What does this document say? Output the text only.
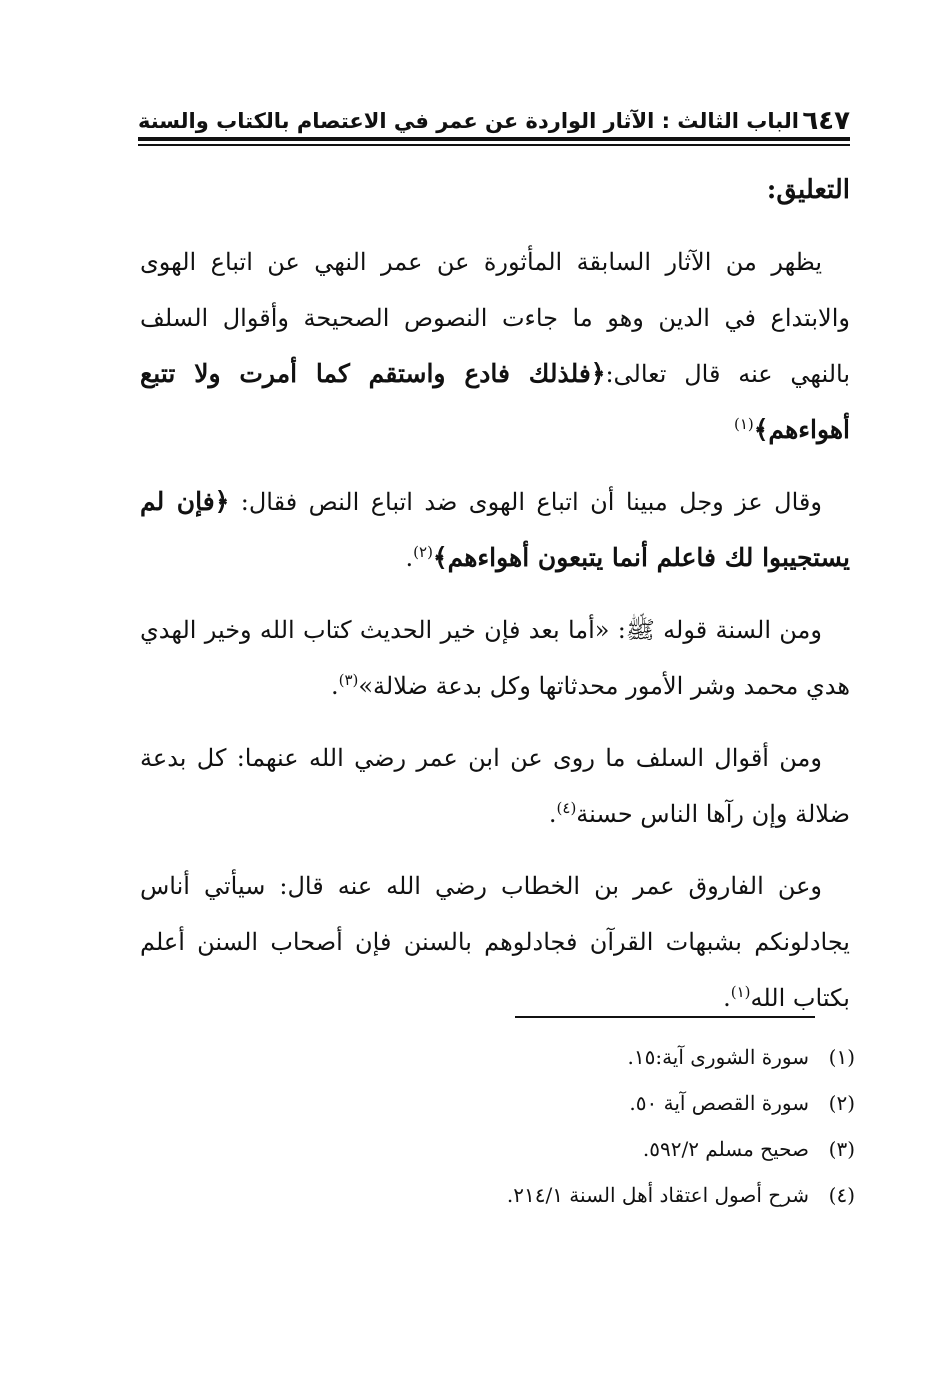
٦٤٧
الباب الثالث : الآثار الواردة عن عمر في الاعتصام بالكتاب والسنة
التعليق:

يظهر من الآثار السابقة المأثورة عن عمر النهي عن اتباع الهوى والابتداع في الدين وهو ما جاءت النصوص الصحيحة وأقوال السلف بالنهي عنه قال تعالى:﴿فلذلك فادع واستقم كما أمرت ولا تتبع أهواءهم﴾$^{(١)}$

وقال عز وجل مبينا أن اتباع الهوى ضد اتباع النص فقال: ﴿فإن لم يستجيبوا لك فاعلم أنما يتبعون أهواءهم﴾$^{(٢)}$.

ومن السنة قوله ﷺ: «أما بعد فإن خير الحديث كتاب الله وخير الهدي هدي محمد وشر الأمور محدثاتها وكل بدعة ضلالة»$^{(٣)}$.

ومن أقوال السلف ما روى عن ابن عمر رضي الله عنهما: كل بدعة ضلالة وإن رآها الناس حسنة$^{(٤)}$.

وعن الفاروق عمر بن الخطاب رضي الله عنه قال: سيأتي أناس يجادلونكم بشبهات القرآن فجادلوهم بالسنن فإن أصحاب السنن أعلم بكتاب الله$^{(١)}$.

(١)
سورة الشورى آية:١٥.
(٢)
سورة القصص آية ٥٠.
(٣)
صحيح مسلم ٥٩٢/٢.
(٤)
شرح أصول اعتقاد أهل السنة ٢١٤/١.
